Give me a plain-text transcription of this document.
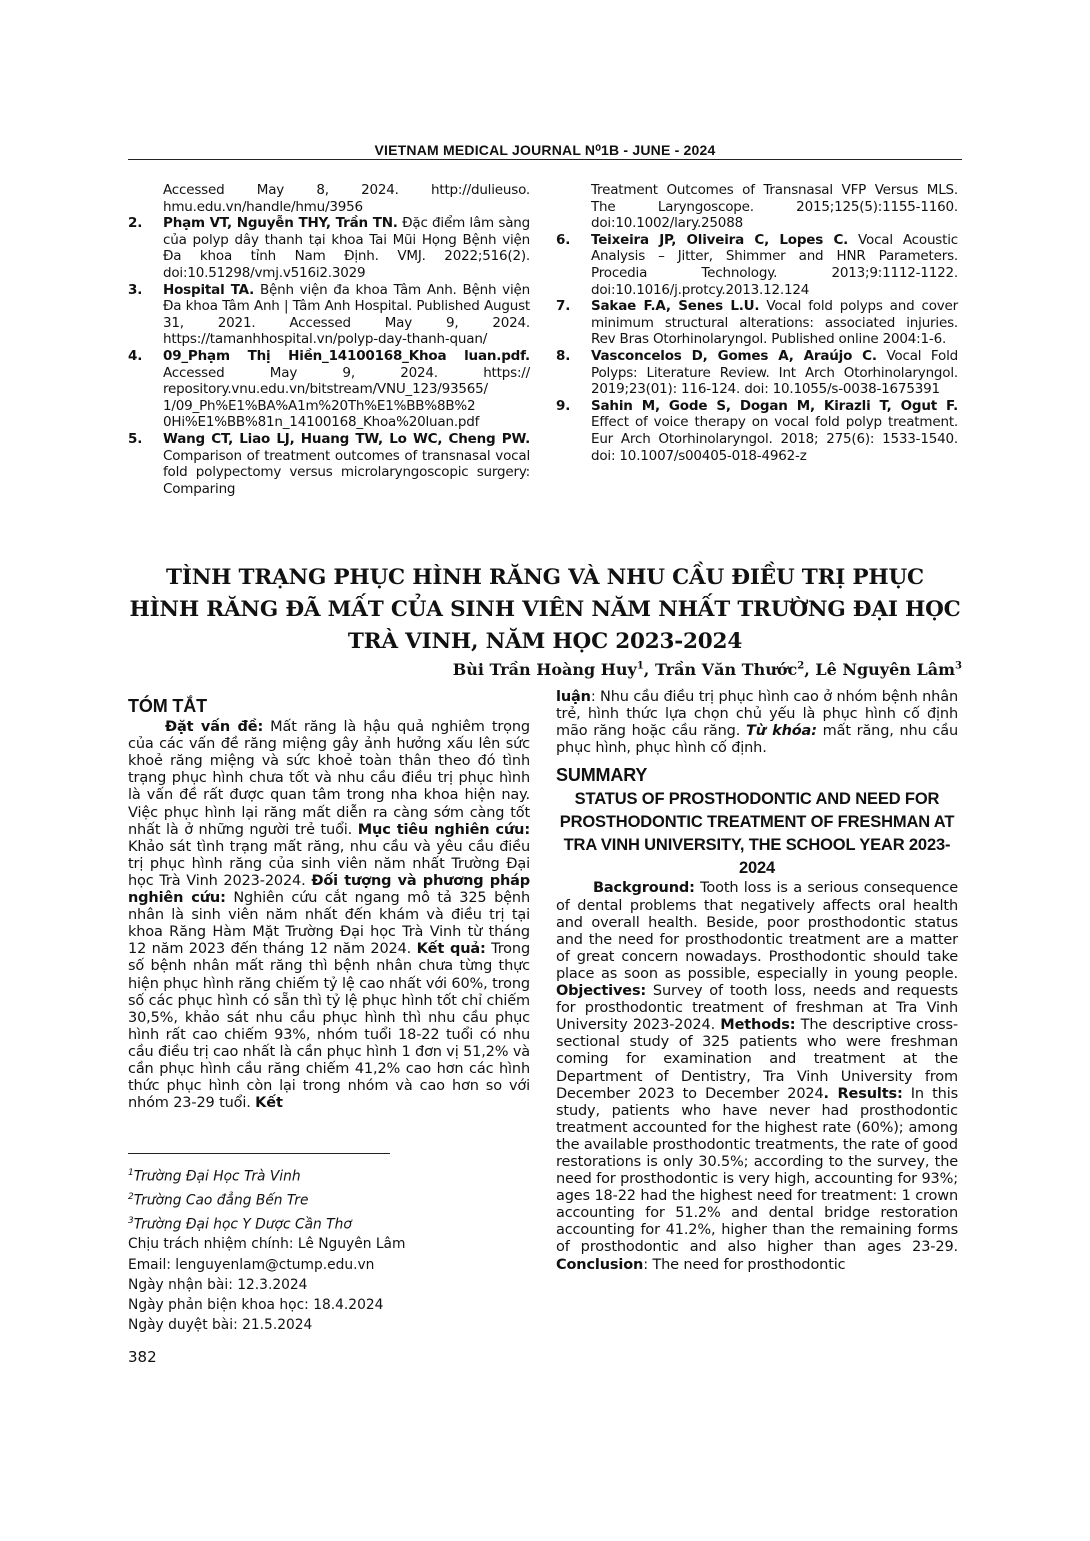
VIETNAM MEDICAL JOURNAL N⁰1B - JUNE - 2024
Accessed May 8, 2024. http://dulieuso. hmu.edu.vn/handle/hmu/3956
2.	Phạm VT, Nguyễn THY, Trần TN. Đặc điểm lâm sàng của polyp dây thanh tại khoa Tai Mũi Họng Bệnh viện Đa khoa tỉnh Nam Định. VMJ. 2022;516(2). doi:10.51298/vmj.v516i2.3029
3.	Hospital TA. Bệnh viện đa khoa Tâm Anh. Bệnh viện Đa khoa Tâm Anh | Tâm Anh Hospital. Published August 31, 2021. Accessed May 9, 2024. https://tamanhhospital.vn/polyp-day-thanh-quan/
4.	09_Phạm Thị Hiền_14100168_Khoa luan.pdf. Accessed May 9, 2024. https:// repository.vnu.edu.vn/bitstream/VNU_123/93565/ 1/09_Ph%E1%BA%A1m%20Th%E1%BB%8B%2 0Hi%E1%BB%81n_14100168_Khoa%20luan.pdf
5.	Wang CT, Liao LJ, Huang TW, Lo WC, Cheng PW. Comparison of treatment outcomes of transnasal vocal fold polypectomy versus microlaryngoscopic surgery: Comparing
Treatment Outcomes of Transnasal VFP Versus MLS. The Laryngoscope. 2015;125(5):1155-1160. doi:10.1002/lary.25088
6.	Teixeira JP, Oliveira C, Lopes C. Vocal Acoustic Analysis – Jitter, Shimmer and HNR Parameters. Procedia Technology. 2013;9:1112-1122. doi:10.1016/j.protcy.2013.12.124
7.	Sakae F.A, Senes L.U. Vocal fold polyps and cover minimum structural alterations: associated injuries. Rev Bras Otorhinolaryngol. Published online 2004:1-6.
8.	Vasconcelos D, Gomes A, Araújo C. Vocal Fold Polyps: Literature Review. Int Arch Otorhinolaryngol. 2019;23(01): 116-124. doi: 10.1055/s-0038-1675391
9.	Sahin M, Gode S, Dogan M, Kirazli T, Ogut F. Effect of voice therapy on vocal fold polyp treatment. Eur Arch Otorhinolaryngol. 2018; 275(6): 1533-1540. doi: 10.1007/s00405-018-4962-z
TÌNH TRẠNG PHỤC HÌNH RĂNG VÀ NHU CẦU ĐIỀU TRỊ PHỤC HÌNH RĂNG ĐÃ MẤT CỦA SINH VIÊN NĂM NHẤT TRƯỜNG ĐẠI HỌC TRÀ VINH, NĂM HỌC 2023-2024
Bùi Trần Hoàng Huy$^1$, Trần Văn Thước$^2$, Lê Nguyên Lâm$^3$
TÓM TẮT
Đặt vấn đề: Mất răng là hậu quả nghiêm trọng của các vấn đề răng miệng gây ảnh hưởng xấu lên sức khoẻ răng miệng và sức khoẻ toàn thân theo đó tình trạng phục hình chưa tốt và nhu cầu điều trị phục hình là vấn đề rất được quan tâm trong nha khoa hiện nay. Việc phục hình lại răng mất diễn ra càng sớm càng tốt nhất là ở những người trẻ tuổi. Mục tiêu nghiên cứu: Khảo sát tình trạng mất răng, nhu cầu và yêu cầu điều trị phục hình răng của sinh viên năm nhất Trường Đại học Trà Vinh 2023-2024. Đối tượng và phương pháp nghiên cứu: Nghiên cứu cắt ngang mô tả 325 bệnh nhân là sinh viên năm nhất đến khám và điều trị tại khoa Răng Hàm Mặt Trường Đại học Trà Vinh từ tháng 12 năm 2023 đến tháng 12 năm 2024. Kết quả: Trong số bệnh nhân mất răng thì bệnh nhân chưa từng thực hiện phục hình răng chiếm tỷ lệ cao nhất với 60%, trong số các phục hình có sẵn thì tỷ lệ phục hình tốt chỉ chiếm 30,5%, khảo sát nhu cầu phục hình thì nhu cầu phục hình rất cao chiếm 93%, nhóm tuổi 18-22 tuổi có nhu cầu điều trị cao nhất là cần phục hình 1 đơn vị 51,2% và cần phục hình cầu răng chiếm 41,2% cao hơn các hình thức phục hình còn lại trong nhóm và cao hơn so với nhóm 23-29 tuổi. Kết
luận: Nhu cầu điều trị phục hình cao ở nhóm bệnh nhân trẻ, hình thức lựa chọn chủ yếu là phục hình cố định mão răng hoặc cầu răng. Từ khóa: mất răng, nhu cầu phục hình, phục hình cố định.
SUMMARY
STATUS OF PROSTHODONTIC AND NEED FOR PROSTHODONTIC TREATMENT OF FRESHMAN AT TRA VINH UNIVERSITY, THE SCHOOL YEAR 2023-2024
Background: Tooth loss is a serious consequence of dental problems that negatively affects oral health and overall health. Beside, poor prosthodontic status and the need for prosthodontic treatment are a matter of great concern nowadays. Prosthodontic should take place as soon as possible, especially in young people. Objectives: Survey of tooth loss, needs and requests for prosthodontic treatment of freshman at Tra Vinh University 2023-2024. Methods: The descriptive cross-sectional study of 325 patients who were freshman coming for examination and treatment at the Department of Dentistry, Tra Vinh University from December 2023 to December 2024. Results: In this study, patients who have never had prosthodontic treatment accounted for the highest rate (60%); among the available prosthodontic treatments, the rate of good restorations is only 30.5%; according to the survey, the need for prosthodontic is very high, accounting for 93%; ages 18-22 had the highest need for treatment: 1 crown accounting for 51.2% and dental bridge restoration accounting for 41.2%, higher than the remaining forms of prosthodontic and also higher than ages 23-29. Conclusion: The need for prosthodontic
$^1$Trường Đại Học Trà Vinh
$^2$Trường Cao đẳng Bến Tre
$^3$Trường Đại học Y Dược Cần Thơ
Chịu trách nhiệm chính: Lê Nguyên Lâm
Email: lenguyenlam@ctump.edu.vn
Ngày nhận bài: 12.3.2024
Ngày phản biện khoa học: 18.4.2024
Ngày duyệt bài: 21.5.2024
382
